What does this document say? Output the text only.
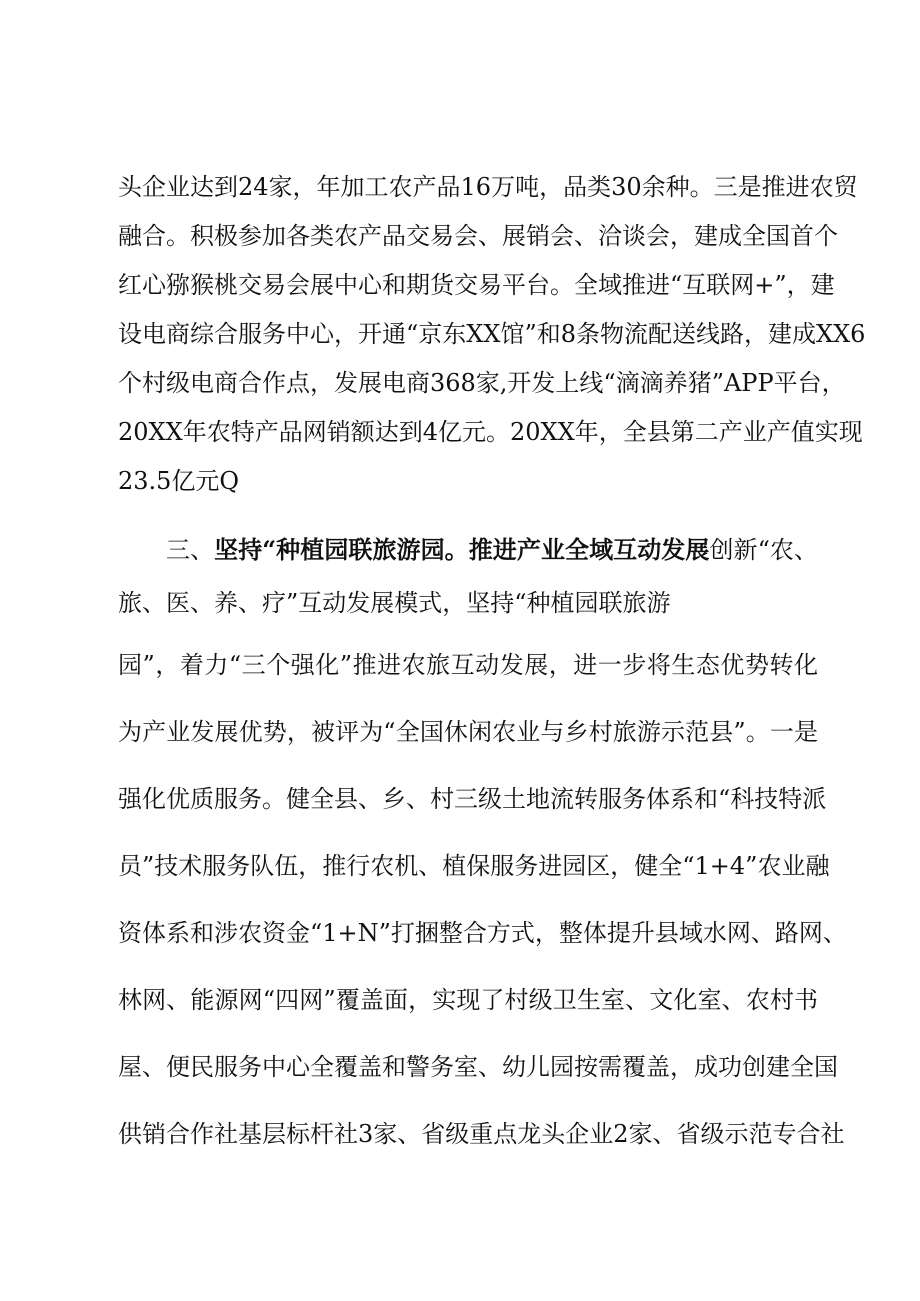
头企业达到24家，年加工农产品16万吨，品类30余种。三是推进农贸
融合。积极参加各类农产品交易会、展销会、洽谈会，建成全国首个
红心猕猴桃交易会展中心和期货交易平台。全域推进“互联网+”，建
设电商综合服务中心，开通“京东XX馆”和8条物流配送线路，建成XX6
个村级电商合作点，发展电商368家,开发上线“滴滴养猪”APP平台，
20XX年农特产品网销额达到4亿元。20XX年，全县第二产业产值实现
23.5亿元Q
三、坚持“种植园联旅游园。推进产业全域互动发展创新“农、
旅、医、养、疗”互动发展模式，坚持“种植园联旅游
园”，着力“三个强化”推进农旅互动发展，进一步将生态优势转化
为产业发展优势，被评为“全国休闲农业与乡村旅游示范县”。一是
强化优质服务。健全县、乡、村三级土地流转服务体系和“科技特派
员”技术服务队伍，推行农机、植保服务进园区，健全“1+4”农业融
资体系和涉农资金“1+N”打捆整合方式，整体提升县域水网、路网、
林网、能源网“四网”覆盖面，实现了村级卫生室、文化室、农村书
屋、便民服务中心全覆盖和警务室、幼儿园按需覆盖，成功创建全国
供销合作社基层标杆社3家、省级重点龙头企业2家、省级示范专合社
